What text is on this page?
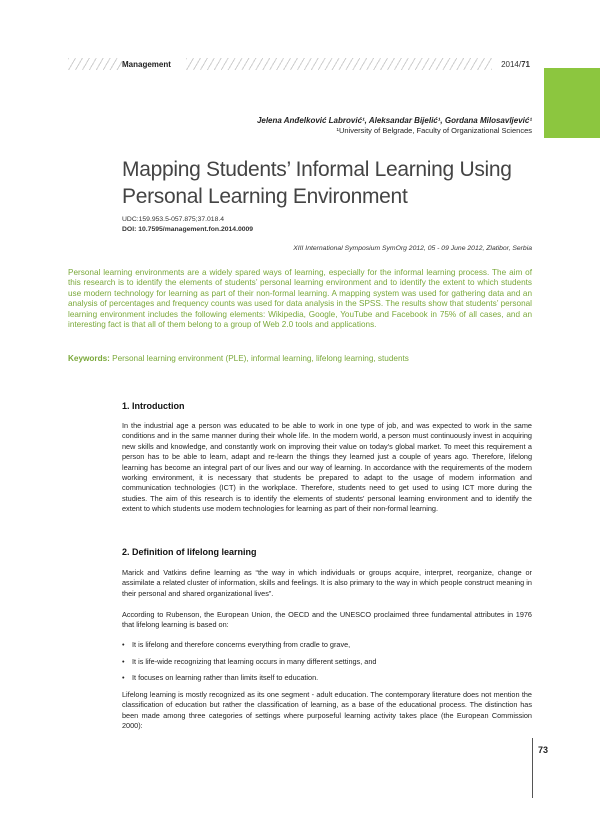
Management	2014/71
Jelena Anđelković Labrović¹, Aleksandar Bijelić¹, Gordana Milosavljević¹
¹University of Belgrade, Faculty of Organizational Sciences
Mapping Students’ Informal Learning Using
Personal Learning Environment
UDC:159.953.5-057.875;37.018.4
DOI: 10.7595/management.fon.2014.0009
XIII International Symposium SymOrg 2012, 05 - 09 June 2012, Zlatibor, Serbia
Personal learning environments are a widely spared ways of learning, especially for the informal learning process. The aim of this research is to identify the elements of students’ personal learning environment and to identify the extent to which students use modern technology for learning as part of their non-formal learning. A mapping system was used for gathering data and an analysis of percentages and frequency counts was used for data analysis in the SPSS. The results show that students’ personal learning environment includes the following elements: Wikipedia, Google, YouTube and Facebook in 75% of all cases, and an interesting fact is that all of them belong to a group of Web 2.0 tools and applications.
Keywords: Personal learning environment (PLE), informal learning, lifelong learning, students
1. Introduction
In the industrial age a person was educated to be able to work in one type of job, and was expected to work in the same conditions and in the same manner during their whole life. In the modern world, a person must continuously invest in acquiring new skills and knowledge, and constantly work on improving their value on today’s global market. To meet this requirement a person has to be able to learn, adapt and re-learn the things they learned just a couple of years ago. Therefore, lifelong learning has become an integral part of our lives and our way of learning. In accordance with the requirements of the modern working environment, it is necessary that students be prepared to adapt to the usage of modern information and communication technologies (ICT) in the workplace. Therefore, students need to get used to using ICT more during the studies. The aim of this research is to identify the elements of students’ personal learning environment and to identify the extent to which students use modern technologies for learning as part of their non-formal learning.
2. Definition of lifelong learning
Marick and Vatkins define learning as “the way in which individuals or groups acquire, interpret, reorganize, change or assimilate a related cluster of information, skills and feelings. It is also primary to the way in which people construct meaning in their personal and shared organizational lives”.
According to Rubenson, the European Union, the OECD and the UNESCO proclaimed three fundamental attributes in 1976 that lifelong learning is based on:
• It is lifelong and therefore concerns everything from cradle to grave,
• It is life-wide recognizing that learning occurs in many different settings, and
• It focuses on learning rather than limits itself to education.
Lifelong learning is mostly recognized as its one segment - adult education. The contemporary literature does not mention the classification of education but rather the classification of learning, as a base of the educational process. The distinction has been made among three categories of settings where purposeful learning activity takes place (the European Commission 2000):
73
